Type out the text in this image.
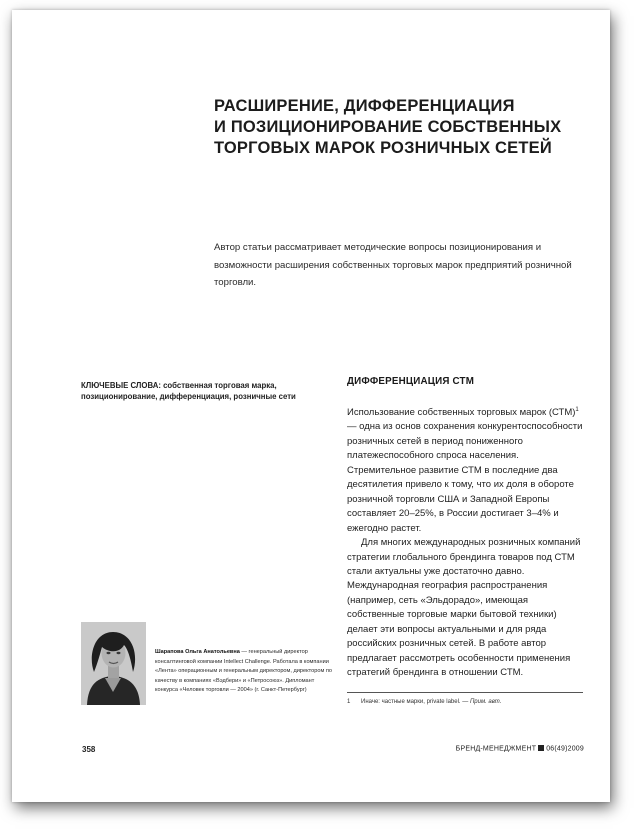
РАСШИРЕНИЕ, ДИФФЕРЕНЦИАЦИЯ
И ПОЗИЦИОНИРОВАНИЕ СОБСТВЕННЫХ
ТОРГОВЫХ МАРОК РОЗНИЧНЫХ СЕТЕЙ

Автор статьи рассматривает методические вопросы позиционирования и возможности расширения собственных торговых марок предприятий розничной торговли.

КЛЮЧЕВЫЕ СЛОВА: собственная торговая марка, позиционирование, дифференциация, розничные сети

ДИФФЕРЕНЦИАЦИЯ СТМ

Использование собственных торговых марок (СТМ)$^1$ — одна из основ сохранения конкурентоспособности розничных сетей в период пониженного платежеспособного спроса населения. Стремительное развитие СТМ в последние два десятилетия привело к тому, что их доля в обороте розничной торговли США и Западной Европы составляет 20–25%, в России достигает 3–4% и ежегодно растет.

Для многих международных розничных компаний стратегии глобального брендинга товаров под СТМ стали актуальны уже достаточно давно. Международная география распространения (например, сеть «Эльдорадо», имеющая собственные торговые марки бытовой техники) делает эти вопросы актуальными и для ряда российских розничных сетей. В работе автор предлагает рассмотреть особенности применения стратегий брендинга в отношении СТМ.

1 Иначе: частные марки, private label. — Прим. авт.

Шарапова Ольга Анатольевна — генеральный директор консалтинговой компании Intellect Challenge. Работала в компании «Лента» операционным и генеральным директором, директором по качеству в компаниях «Вэдбери» и «Петросоюз». Дипломант конкурса «Человек торговли — 2004» (г. Санкт-Петербург)

358	БРЕНД-МЕНЕДЖМЕНТ 06(49)2009
